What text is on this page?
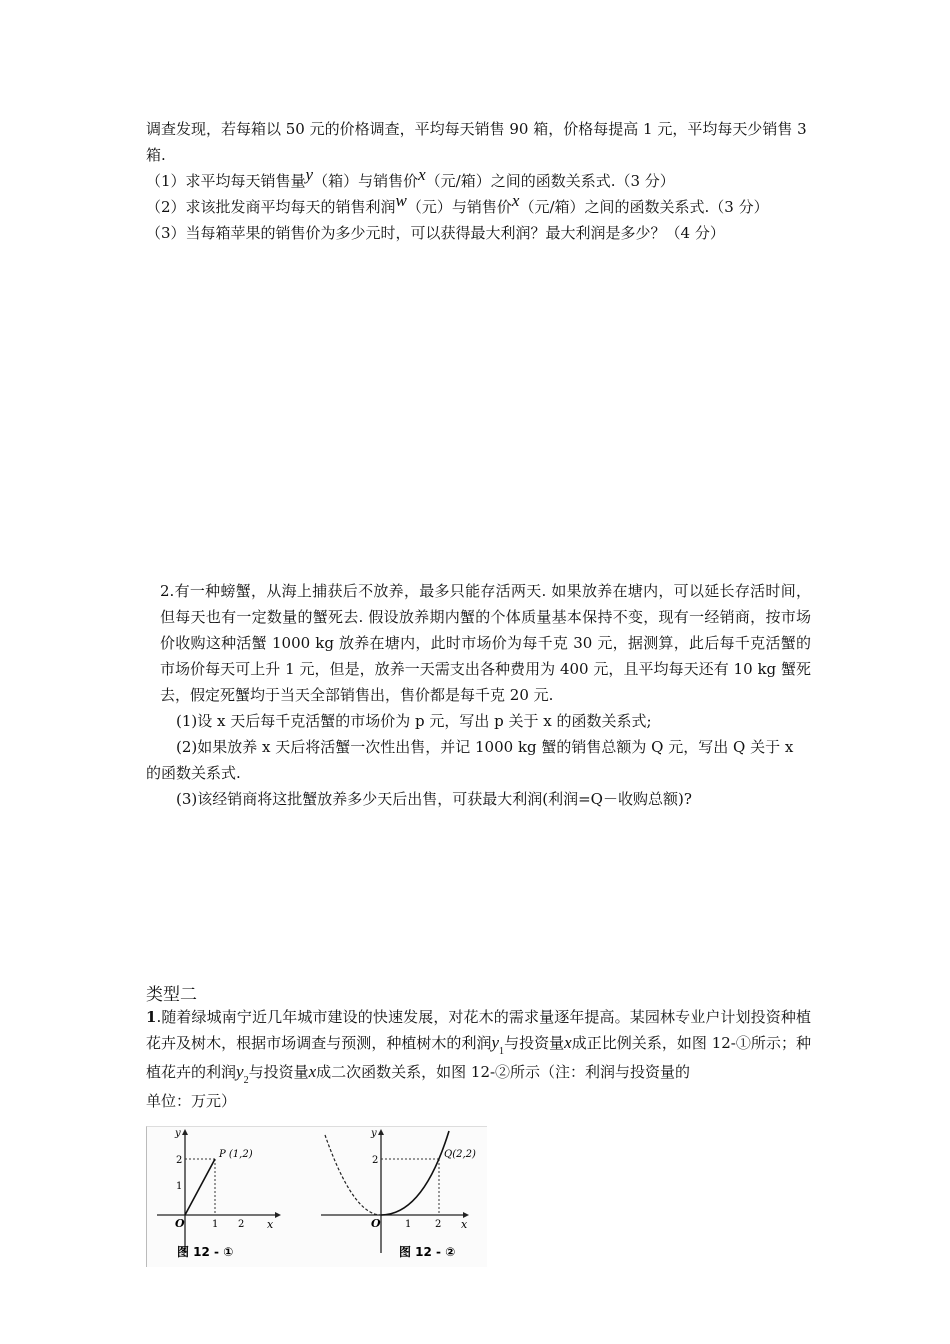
调查发现，若每箱以 50 元的价格调查，平均每天销售 90 箱，价格每提高 1 元，平均每天少销售 3 箱.
（1）求平均每天销售量y（箱）与销售价x（元/箱）之间的函数关系式.（3 分）
（2）求该批发商平均每天的销售利润w（元）与销售价x（元/箱）之间的函数关系式.（3 分）
（3）当每箱苹果的销售价为多少元时，可以获得最大利润？最大利润是多少？（4 分）
2.有一种螃蟹，从海上捕获后不放养，最多只能存活两天. 如果放养在塘内，可以延长存活时间，但每天也有一定数量的蟹死去. 假设放养期内蟹的个体质量基本保持不变，现有一经销商，按市场价收购这种活蟹 1000 kg 放养在塘内，此时市场价为每千克 30 元，据测算，此后每千克活蟹的市场价每天可上升 1 元，但是，放养一天需支出各种费用为 400 元，且平均每天还有 10 kg 蟹死去，假定死蟹均于当天全部销售出，售价都是每千克 20 元.
(1)设 x 天后每千克活蟹的市场价为 p 元，写出 p 关于 x 的函数关系式;
(2)如果放养 x 天后将活蟹一次性出售，并记 1000 kg 蟹的销售总额为 Q 元，写出 Q 关于 x 的函数关系式.
(3)该经销商将这批蟹放养多少天后出售，可获最大利润(利润=Q－收购总额)?
类型二
1.随着绿城南宁近几年城市建设的快速发展，对花木的需求量逐年提高。某园林专业户计划投资种植花卉及树木，根据市场调查与预测，种植树木的利润$y_1$与投资量x成正比例关系，如图 12-①所示；种植花卉的利润$y_2$与投资量x成二次函数关系，如图 12-②所示（注：利润与投资量的
单位：万元）
y
x
O	1 2
1
2
P (1,2)
图 12 - ①
y
x
O 1 2
2
Q(2,2)
图 12 - ②
